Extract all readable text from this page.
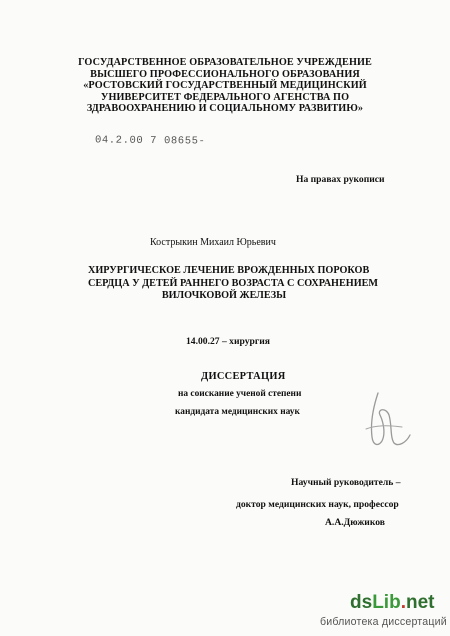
ГОСУДАРСТВЕННОЕ ОБРАЗОВАТЕЛЬНОЕ УЧРЕЖДЕНИЕ
ВЫСШЕГО ПРОФЕССИОНАЛЬНОГО ОБРАЗОВАНИЯ
«РОСТОВСКИЙ ГОСУДАРСТВЕННЫЙ МЕДИЦИНСКИЙ
УНИВЕРСИТЕТ ФЕДЕРАЛЬНОГО АГЕНСТВА ПО
ЗДРАВООХРАНЕНИЮ И СОЦИАЛЬНОМУ РАЗВИТИЮ»
04.2.00 7 08655-
На правах рукописи
Кострыкин Михаил Юрьевич
ХИРУРГИЧЕСКОЕ ЛЕЧЕНИЕ ВРОЖДЕННЫХ ПОРОКОВ
СЕРДЦА У ДЕТЕЙ РАННЕГО ВОЗРАСТА С СОХРАНЕНИЕМ
ВИЛОЧКОВОЙ ЖЕЛЕЗЫ
14.00.27 – хирургия
ДИССЕРТАЦИЯ
на соискание ученой степени
кандидата медицинских наук
Научный руководитель –
доктор медицинских наук, профессор
А.А.Дюжиков
dsLib.net
библиотека диссертаций
